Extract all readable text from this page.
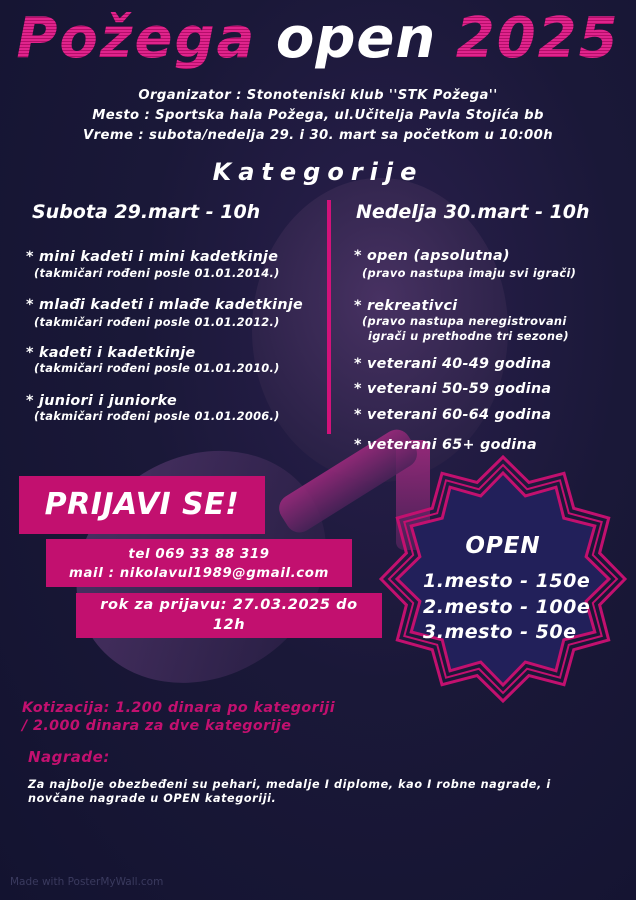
Požega open 2025
Organizator : Stonoteniski klub ''STK Požega''
Mesto : Sportska hala Požega, ul.Učitelja Pavla Stojića bb
Vreme : subota/nedelja 29. i 30. mart sa početkom u 10:00h
Kategorije
Subota 29.mart - 10h
* mini kadeti i mini kadetkinje
(takmičari rođeni posle 01.01.2014.)
* mlađi kadeti i mlađe kadetkinje
(takmičari rođeni posle 01.01.2012.)
* kadeti i kadetkinje
(takmičari rođeni posle 01.01.2010.)
* juniori i juniorke
(takmičari rođeni posle 01.01.2006.)
Nedelja 30.mart - 10h
* open (apsolutna)
(pravo nastupa imaju svi igrači)
* rekreativci
(pravo nastupa neregistrovani
igrači u prethodne tri sezone)
* veterani 40-49 godina
* veterani 50-59 godina
* veterani 60-64 godina
* veterani 65+ godina
PRIJAVI SE!
tel 069 33 88 319
mail : nikolavul1989@gmail.com
rok za prijavu: 27.03.2025 do
12h
OPEN
1.mesto - 150e
2.mesto - 100e
3.mesto - 50e
Kotizacija: 1.200 dinara po kategoriji
/ 2.000 dinara za dve kategorije
Nagrade:
Za najbolje obezbeđeni su pehari, medalje I diplome, kao I robne nagrade, i
novčane nagrade u OPEN kategoriji.
Made with PosterMyWall.com
